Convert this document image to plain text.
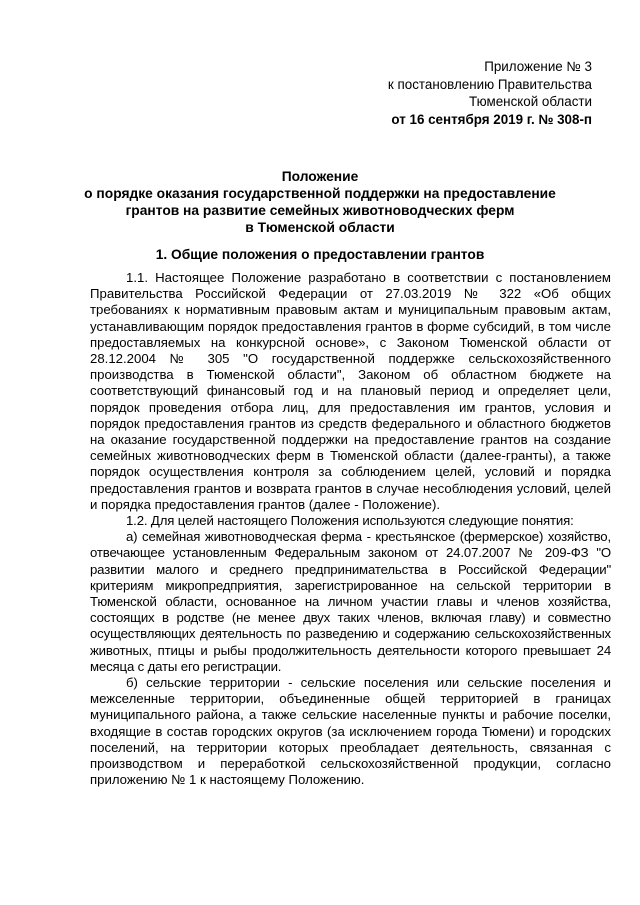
Приложение № 3
к постановлению Правительства
Тюменской области
от 16 сентября 2019 г. № 308-п
Положение
о порядке оказания государственной поддержки на предоставление
грантов на развитие семейных животноводческих ферм
в Тюменской области
1. Общие положения о предоставлении грантов

1.1. Настоящее Положение разработано в соответствии с постановлением Правительства Российской Федерации от 27.03.2019 № 322 «Об общих требованиях к нормативным правовым актам и муниципальным правовым актам, устанавливающим порядок предоставления грантов в форме субсидий, в том числе предоставляемых на конкурсной основе», с Законом Тюменской области от 28.12.2004 № 305 "О государственной поддержке сельскохозяйственного производства в Тюменской области", Законом об областном бюджете на соответствующий финансовый год и на плановый период и определяет цели, порядок проведения отбора лиц, для предоставления им грантов, условия и порядок предоставления грантов из средств федерального и областного бюджетов на оказание государственной поддержки на предоставление грантов на создание семейных животноводческих ферм в Тюменской области (далее-гранты), а также порядок осуществления контроля за соблюдением целей, условий и порядка предоставления грантов и возврата грантов в случае несоблюдения условий, целей и порядка предоставления грантов (далее - Положение).

1.2. Для целей настоящего Положения используются следующие понятия:

а) семейная животноводческая ферма - крестьянское (фермерское) хозяйство, отвечающее установленным Федеральным законом от 24.07.2007 № 209-ФЗ "О развитии малого и среднего предпринимательства в Российской Федерации" критериям микропредприятия, зарегистрированное на сельской территории в Тюменской области, основанное на личном участии главы и членов хозяйства, состоящих в родстве (не менее двух таких членов, включая главу) и совместно осуществляющих деятельность по разведению и содержанию сельскохозяйственных животных, птицы и рыбы продолжительность деятельности которого превышает 24 месяца с даты его регистрации.

б) сельские территории - сельские поселения или сельские поселения и межселенные территории, объединенные общей территорией в границах муниципального района, а также сельские населенные пункты и рабочие поселки, входящие в состав городских округов (за исключением города Тюмени) и городских поселений, на территории которых преобладает деятельность, связанная с производством и переработкой сельскохозяйственной продукции, согласно приложению № 1 к настоящему Положению.
